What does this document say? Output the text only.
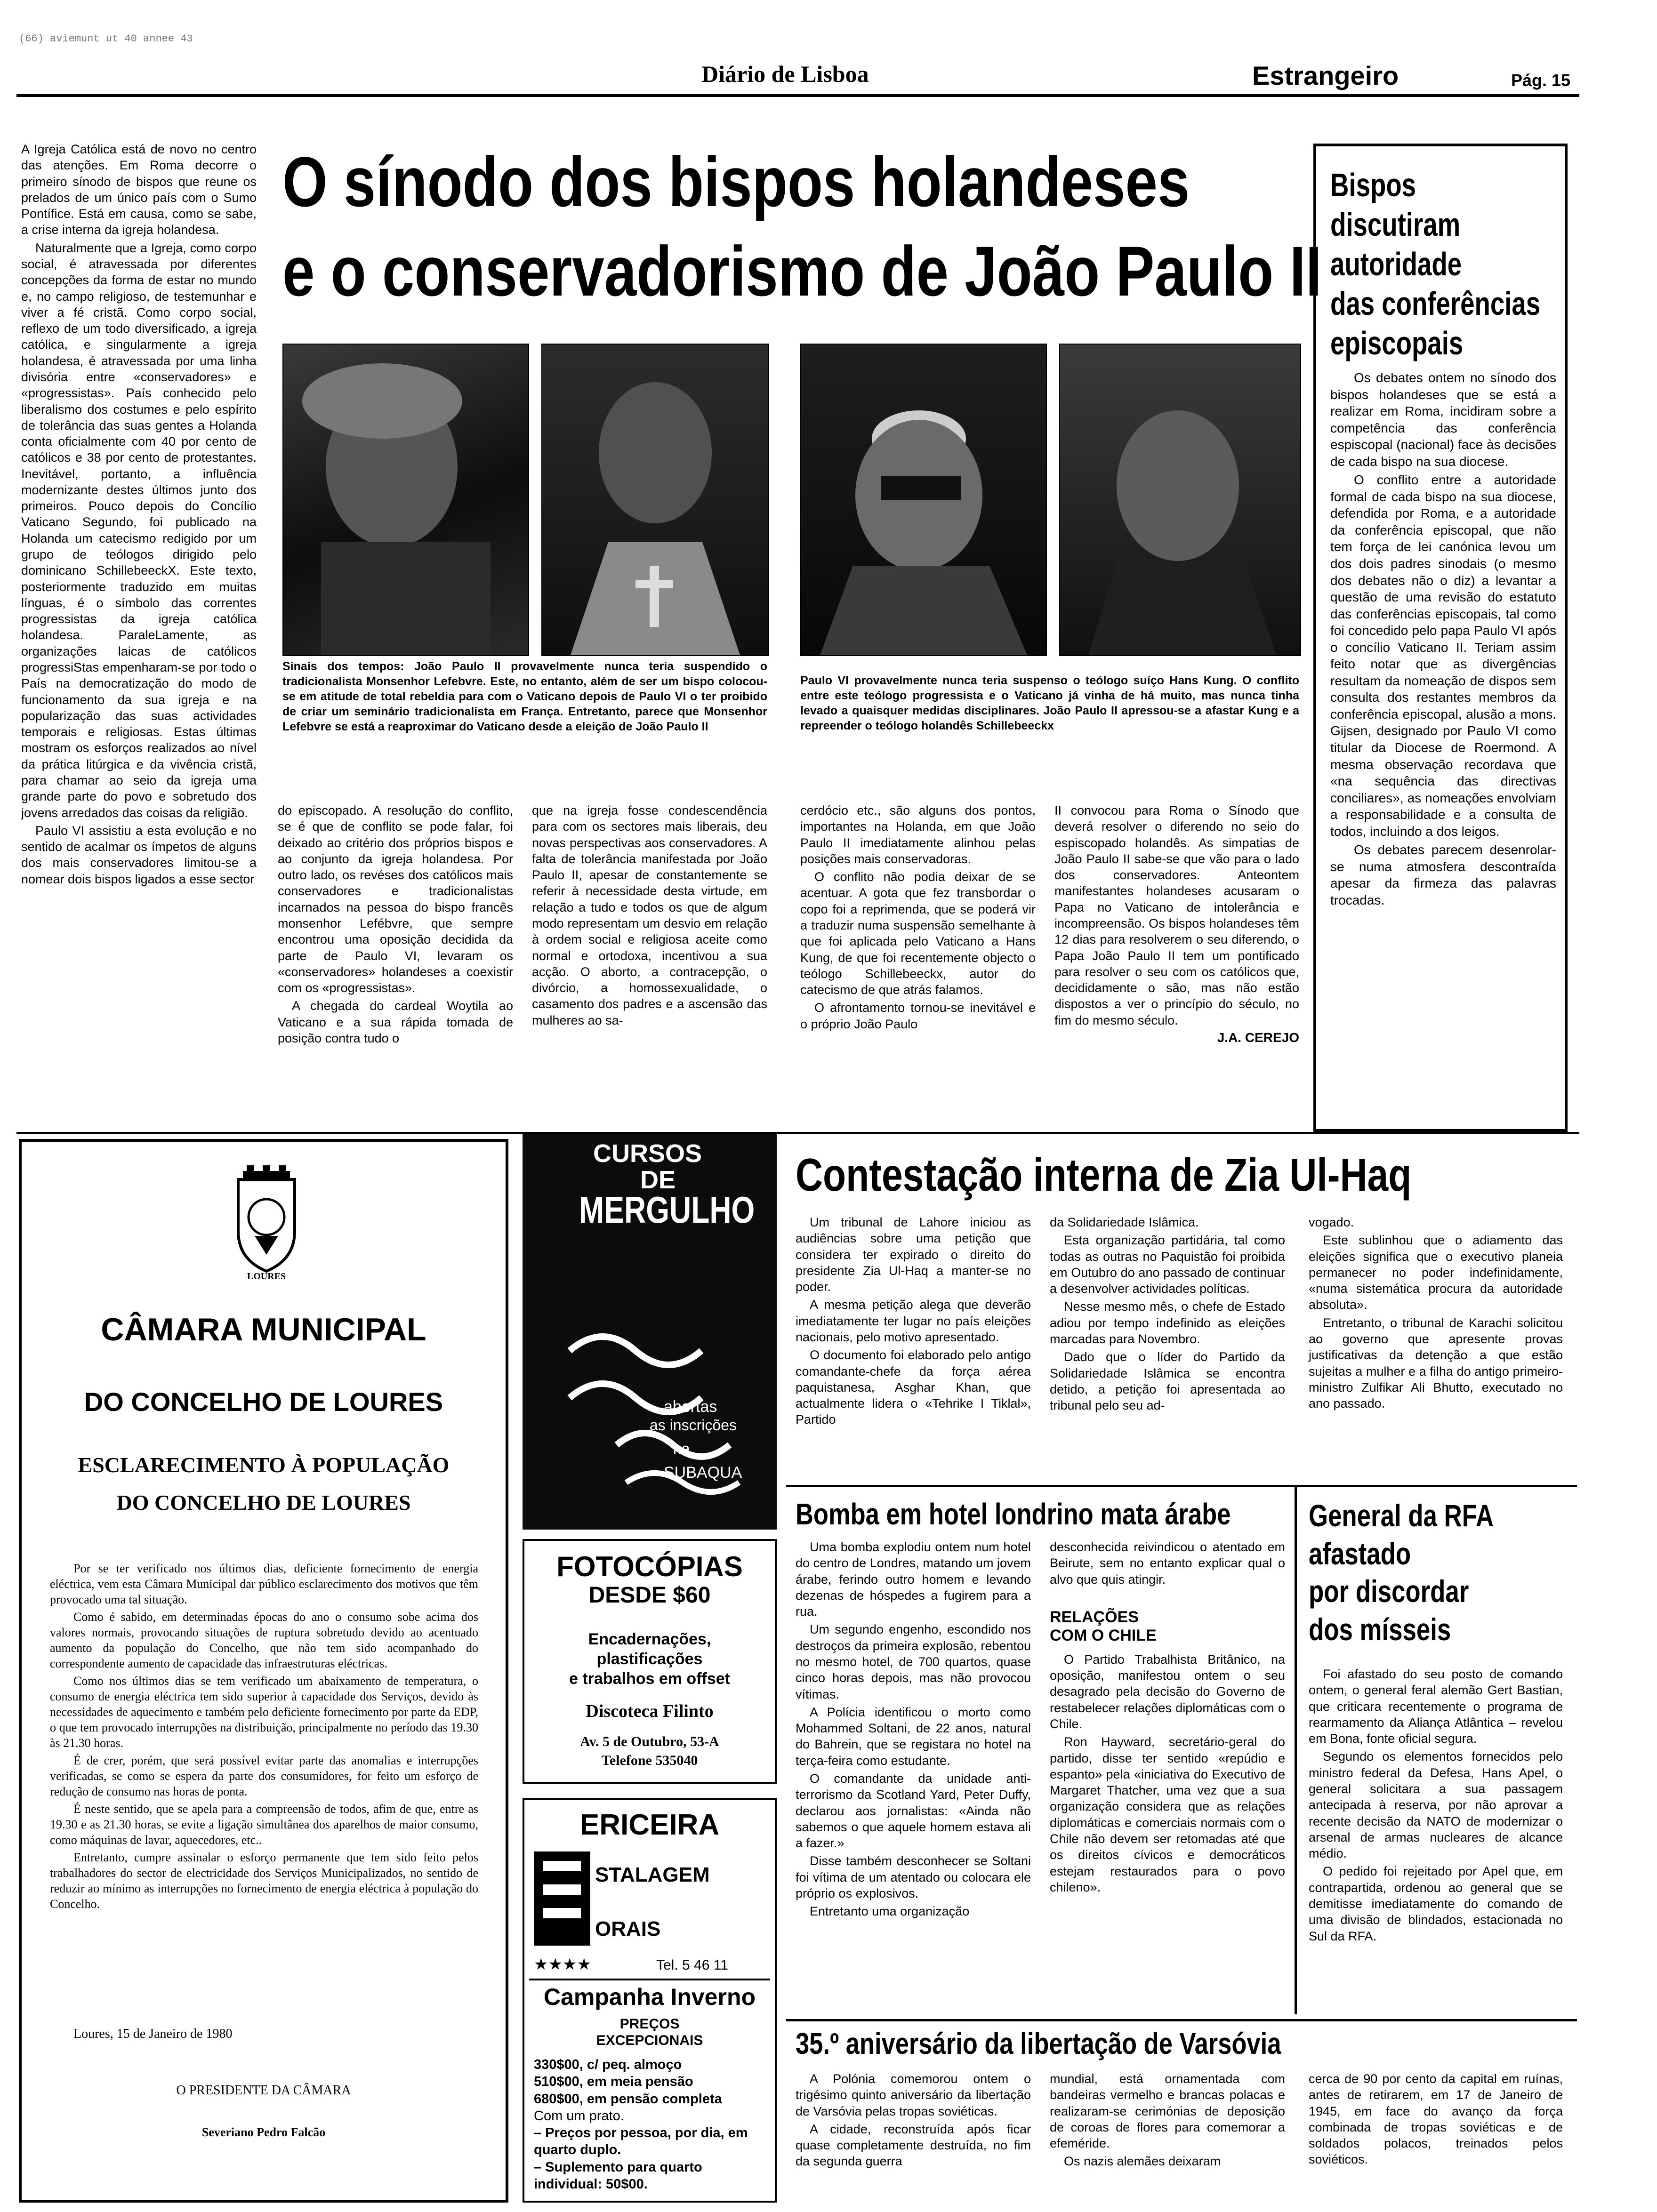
(66) aviemunt ut 40 annee 43
Diário de Lisboa	Estrangeiro	Pág. 15

A Igreja Católica está de novo no centro das atenções. Em Roma decorre o primeiro sínodo de bispos que reune os prelados de um único país com o Sumo Pontífice. Está em causa, como se sabe, a crise interna da igreja holandesa.

Naturalmente que a Igreja, como corpo social, é atravessada por diferentes concepções da forma de estar no mundo e, no campo religioso, de testemunhar e viver a fé cristã. Como corpo social, reflexo de um todo diversificado, a igreja católica, e singularmente a igreja holandesa, é atravessada por uma linha divisória entre «conservadores» e «progressistas». País conhecido pelo liberalismo dos costumes e pelo espírito de tolerância das suas gentes a Holanda conta oficialmente com 40 por cento de católicos e 38 por cento de protestantes. Inevitável, portanto, a influência modernizante destes últimos junto dos primeiros. Pouco depois do Concílio Vaticano Segundo, foi publicado na Holanda um catecismo redigido por um grupo de teólogos dirigido pelo dominicano SchillebeeckX. Este texto, posteriormente traduzido em muitas línguas, é o símbolo das correntes progressistas da igreja católica holandesa. ParaleLamente, as organizações laicas de católicos progressiStas empenharam-se por todo o País na democratização do modo de funcionamento da sua igreja e na popularização das suas actividades temporais e religiosas. Estas últimas mostram os esforços realizados ao nível da prática litúrgica e da vivência cristã, para chamar ao seio da igreja uma grande parte do povo e sobretudo dos jovens arredados das coisas da religião.

Paulo VI assistiu a esta evolução e no sentido de acalmar os ímpetos de alguns dos mais conservadores limitou-se a nomear dois bispos ligados a esse sector

O sínodo dos bispos holandeses
e o conservadorismo de João Paulo II
Sinais dos tempos: João Paulo II provavelmente nunca teria suspendido o tradicionalista Monsenhor Lefebvre. Este, no entanto, além de ser um bispo colocou-se em atitude de total rebeldia para com o Vaticano depois de Paulo VI o ter proibido de criar um seminário tradicionalista em França. Entretanto, parece que Monsenhor Lefebvre se está a reaproximar do Vaticano desde a eleição de João Paulo II
Paulo VI provavelmente nunca teria suspenso o teólogo suíço Hans Kung. O conflito entre este teólogo progressista e o Vaticano já vinha de há muito, mas nunca tinha levado a quaisquer medidas disciplinares. João Paulo II apressou-se a afastar Kung e a repreender o teólogo holandês Schillebeeckx

do episcopado. A resolução do conflito, se é que de conflito se pode falar, foi deixado ao critério dos próprios bispos e ao conjunto da igreja holandesa. Por outro lado, os revéses dos católicos mais conservadores e tradicionalistas incarnados na pessoa do bispo francês monsenhor Lefébvre, que sempre encontrou uma oposição decidida da parte de Paulo VI, levaram os «conservadores» holandeses a coexistir com os «progressistas».

A chegada do cardeal Woytila ao Vaticano e a sua rápida tomada de posição contra tudo o

que na igreja fosse condescendência para com os sectores mais liberais, deu novas perspectivas aos conservadores. A falta de tolerância manifestada por João Paulo II, apesar de constantemente se referir à necessidade desta virtude, em relação a tudo e todos os que de algum modo representam um desvio em relação à ordem social e religiosa aceite como normal e ortodoxa, incentivou a sua acção. O aborto, a contracepção, o divórcio, a homossexualidade, o casamento dos padres e a ascensão das mulheres ao sa-

cerdócio etc., são alguns dos pontos, importantes na Holanda, em que João Paulo II imediatamente alinhou pelas posições mais conservadoras.

O conflito não podia deixar de se acentuar. A gota que fez transbordar o copo foi a reprimenda, que se poderá vir a traduzir numa suspensão semelhante à que foi aplicada pelo Vaticano a Hans Kung, de que foi recentemente objecto o teólogo Schillebeeckx, autor do catecismo de que atrás falamos.

O afrontamento tornou-se inevitável e o próprio João Paulo

II convocou para Roma o Sínodo que deverá resolver o diferendo no seio do espiscopado holandês. As simpatias de João Paulo II sabe-se que vão para o lado dos conservadores. Anteontem manifestantes holandeses acusaram o Papa no Vaticano de intolerância e incompreensão. Os bispos holandeses têm 12 dias para resolverem o seu diferendo, o Papa João Paulo II tem um pontificado para resolver o seu com os católicos que, decididamente o são, mas não estão dispostos a ver o princípio do século, no fim do mesmo século.

J.A. CEREJO
Bispos
discutiram
autoridade
das conferências
episcopais

Os debates ontem no sínodo dos bispos holandeses que se está a realizar em Roma, incidiram sobre a competência das conferência espiscopal (nacional) face às decisões de cada bispo na sua diocese.

O conflito entre a autoridade formal de cada bispo na sua diocese, defendida por Roma, e a autoridade da conferência episcopal, que não tem força de lei canónica levou um dos dois padres sinodais (o mesmo dos debates não o diz) a levantar a questão de uma revisão do estatuto das conferências episcopais, tal como foi concedido pelo papa Paulo VI após o concílio Vaticano II. Teriam assim feito notar que as divergências resultam da nomeação de dispos sem consulta dos restantes membros da conferência episcopal, alusão a mons. Gijsen, designado por Paulo VI como titular da Diocese de Roermond. A mesma observação recordava que «na sequência das directivas conciliares», as nomeações envolviam a responsabilidade e a consulta de todos, incluindo a dos leigos.

Os debates parecem desenrolar-se numa atmosfera descontraída apesar da firmeza das palavras trocadas.

LOURES
CÂMARA MUNICIPAL
DO CONCELHO DE LOURES
ESCLARECIMENTO À POPULAÇÃO
DO CONCELHO DE LOURES

Por se ter verificado nos últimos dias, deficiente fornecimento de energia eléctrica, vem esta Câmara Municipal dar público esclarecimento dos motivos que têm provocado uma tal situação.

Como é sabido, em determinadas épocas do ano o consumo sobe acima dos valores normais, provocando situações de ruptura sobretudo devido ao acentuado aumento da população do Concelho, que não tem sido acompanhado do correspondente aumento de capacidade das infraestruturas eléctricas.

Como nos últimos dias se tem verificado um abaixamento de temperatura, o consumo de energia eléctrica tem sido superior à capacidade dos Serviços, devido às necessidades de aquecimento e também pelo deficiente fornecimento por parte da EDP, o que tem provocado interrupções na distribuição, principalmente no período das 19.30 às 21.30 horas.

É de crer, porém, que será possível evitar parte das anomalias e interrupções verificadas, se como se espera da parte dos consumidores, for feito um esforço de redução de consumo nas horas de ponta.

É neste sentido, que se apela para a compreensão de todos, afim de que, entre as 19.30 e as 21.30 horas, se evite a ligação simultânea dos aparelhos de maior consumo, como máquinas de lavar, aquecedores, etc..

Entretanto, cumpre assinalar o esforço permanente que tem sido feito pelos trabalhadores do sector de electricidade dos Serviços Municipalizados, no sentido de reduzir ao mínimo as interrupções no fornecimento de energia eléctrica à população do Concelho.

Loures, 15 de Janeiro de 1980
O PRESIDENTE DA CÂMARA
Severiano Pedro Falcão
CURSOS
DE
MERGULHO
abertas
as inscrições
na
SUBAQUA
FOTOCÓPIAS
DESDE $60
Encadernações,
plastificações
e trabalhos em offset
Discoteca Filinto
Av. 5 de Outubro, 53-A
Telefone 535040
ERICEIRA
STALAGEM
ORAIS
★★★★	Tel. 5 46 11
Campanha Inverno
PREÇOS
EXCEPCIONAIS
330$00, c/ peq. almoço
510$00, em meia pensão
680$00, em pensão completa
Com um prato.
– Preços por pessoa, por dia, em quarto duplo.
– Suplemento para quarto individual: 50$00.
Contestação interna de Zia Ul-Haq

Um tribunal de Lahore iniciou as audiências sobre uma petição que considera ter expirado o direito do presidente Zia Ul-Haq a manter-se no poder.

A mesma petição alega que deverão imediatamente ter lugar no país eleições nacionais, pelo motivo apresentado.

O documento foi elaborado pelo antigo comandante-chefe da força aérea paquistanesa, Asghar Khan, que actualmente lidera o «Tehrike I Tiklal», Partido

da Solidariedade Islâmica.

Esta organização partidária, tal como todas as outras no Paquistão foi proibida em Outubro do ano passado de continuar a desenvolver actividades políticas.

Nesse mesmo mês, o chefe de Estado adiou por tempo indefinido as eleições marcadas para Novembro.

Dado que o líder do Partido da Solidariedade Islâmica se encontra detido, a petição foi apresentada ao tribunal pelo seu ad-

vogado.

Este sublinhou que o adiamento das eleições significa que o executivo planeia permanecer no poder indefinidamente, «numa sistemática procura da autoridade absoluta».

Entretanto, o tribunal de Karachi solicitou ao governo que apresente provas justificativas da detenção a que estão sujeitas a mulher e a filha do antigo primeiro-ministro Zulfikar Ali Bhutto, executado no ano passado.

Bomba em hotel londrino mata árabe

Uma bomba explodiu ontem num hotel do centro de Londres, matando um jovem árabe, ferindo outro homem e levando dezenas de hóspedes a fugirem para a rua.

Um segundo engenho, escondido nos destroços da primeira explosão, rebentou no mesmo hotel, de 700 quartos, quase cinco horas depois, mas não provocou vítimas.

A Polícia identificou o morto como Mohammed Soltani, de 22 anos, natural do Bahrein, que se registara no hotel na terça-feira como estudante.

O comandante da unidade anti-terrorismo da Scotland Yard, Peter Duffy, declarou aos jornalistas: «Ainda não sabemos o que aquele homem estava ali a fazer.»

Disse também desconhecer se Soltani foi vítima de um atentado ou colocara ele próprio os explosivos.

Entretanto uma organização

desconhecida reivindicou o atentado em Beirute, sem no entanto explicar qual o alvo que quis atingir.

RELAÇÕES
COM O CHILE

O Partido Trabalhista Britânico, na oposição, manifestou ontem o seu desagrado pela decisão do Governo de restabelecer relações diplomáticas com o Chile.

Ron Hayward, secretário-geral do partido, disse ter sentido «repúdio e espanto» pela «iniciativa do Executivo de Margaret Thatcher, uma vez que a sua organização considera que as relações diplomáticas e comerciais normais com o Chile não devem ser retomadas até que os direitos cívicos e democráticos estejam restaurados para o povo chileno».

General da RFA
afastado
por discordar
dos mísseis

Foi afastado do seu posto de comando ontem, o general feral alemão Gert Bastian, que criticara recentemente o programa de rearmamento da Aliança Atlântica – revelou em Bona, fonte oficial segura.

Segundo os elementos fornecidos pelo ministro federal da Defesa, Hans Apel, o general solicitara a sua passagem antecipada à reserva, por não aprovar a recente decisão da NATO de modernizar o arsenal de armas nucleares de alcance médio.

O pedido foi rejeitado por Apel que, em contrapartida, ordenou ao general que se demitisse imediatamente do comando de uma divisão de blindados, estacionada no Sul da RFA.

35.º aniversário da libertação de Varsóvia

A Polónia comemorou ontem o trigésimo quinto aniversário da libertação de Varsóvia pelas tropas soviéticas.

A cidade, reconstruída após ficar quase completamente destruída, no fim da segunda guerra

mundial, está ornamentada com bandeiras vermelho e brancas polacas e realizaram-se cerimónias de deposição de coroas de flores para comemorar a efeméride.

Os nazis alemães deixaram

cerca de 90 por cento da capital em ruínas, antes de retirarem, em 17 de Janeiro de 1945, em face do avanço da força combinada de tropas soviéticas e de soldados polacos, treinados pelos soviéticos.
